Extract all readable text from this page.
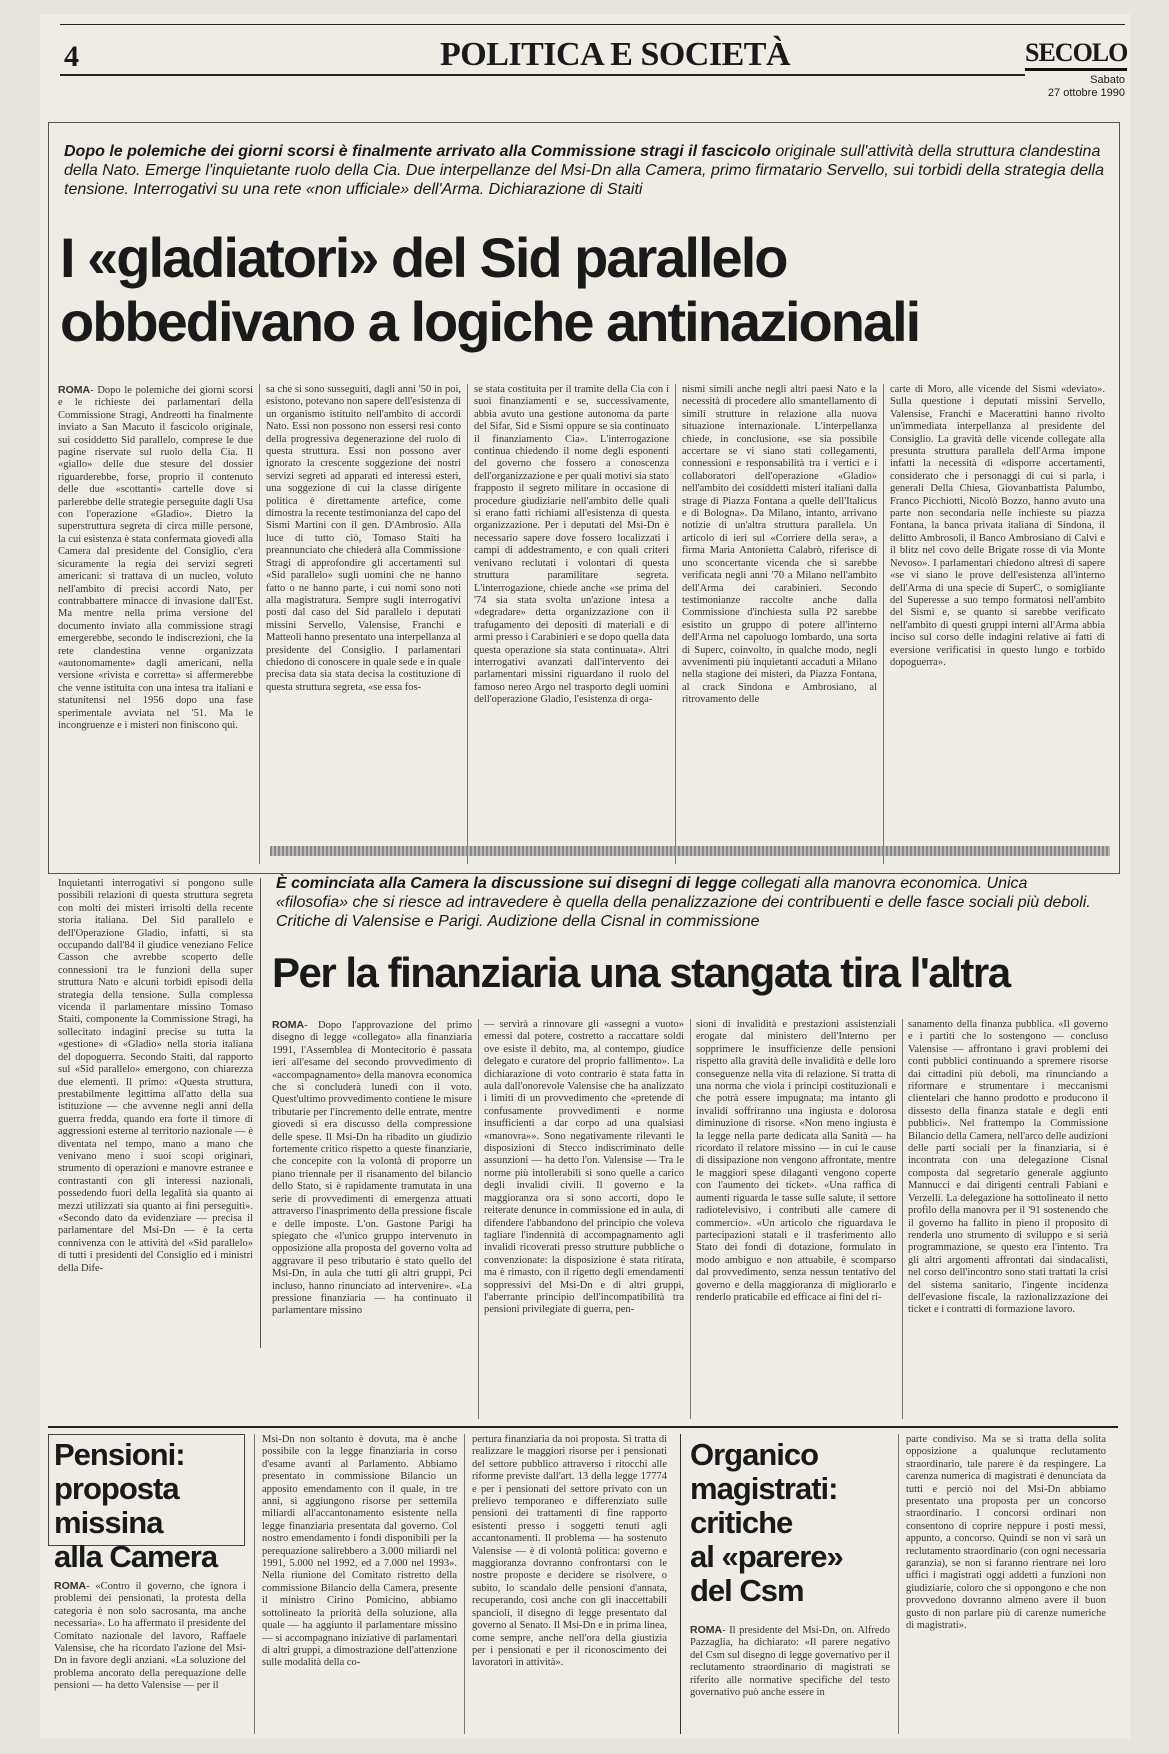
4	POLITICA E SOCIETÀ	SECOLO
Sabato
27 ottobre 1990
Dopo le polemiche dei giorni scorsi è finalmente arrivato alla Commissione stragi il fascicolo originale sull'attività della struttura clandestina della Nato. Emerge l'inquietante ruolo della Cia. Due interpellanze del Msi-Dn alla Camera, primo firmatario Servello, sui torbidi della strategia della tensione. Interrogativi su una rete «non ufficiale» dell'Arma. Dichiarazione di Staiti
I «gladiatori» del Sid parallelo
obbedivano a logiche antinazionali
ROMA- Dopo le polemiche dei giorni scorsi e le richieste dei parlamentari della Commissione Stragi, Andreotti ha finalmente inviato a San Macuto il fascicolo originale, sui cosiddetto Sid parallelo, comprese le due pagine riservate sul ruolo della Cia. Il «giallo» delle due stesure del dossier riguarderebbe, forse, proprio il contenuto delle due «scottanti» cartelle dove si parlerebbe delle strategie perseguite dagli Usa con l'operazione «Gladio». Dietro la superstruttura segreta di circa mille persone, la cui esistenza è stata confermata giovedì alla Camera dal presidente del Consiglio, c'era sicuramente la regia dei servizi segreti americani: si trattava di un nucleo, voluto nell'ambito di precisi accordi Nato, per contrabbattere minacce di invasione dall'Est. Ma mentre nella prima versione del documento inviato alla commissione stragi emergerebbe, secondo le indiscrezioni, che la rete clandestina venne organizzata «autonomamente» dagli americani, nella versione «rivista e corretta» si affermerebbe che venne istituita con una intesa tra italiani e statunitensi nel 1956 dopo una fase sperimentale avviata nel '51. Ma le incongruenze e i misteri non finiscono qui.
sa che si sono susseguiti, dagli anni '50 in poi, esistono, potevano non sapere dell'esistenza di un organismo istituito nell'ambito di accordi Nato. Essi non possono non essersi resi conto della progressiva degenerazione del ruolo di questa struttura. Essi non possono aver ignorato la crescente soggezione dei nostri servizi segreti ad apparati ed interessi esteri, una soggezione di cui la classe dirigente politica è direttamente artefice, come dimostra la recente testimonianza del capo del Sismi Martini con il gen. D'Ambrosio. Alla luce di tutto ciò, Tomaso Staiti ha preannunciato che chiederà alla Commissione Stragi di approfondire gli accertamenti sul «Sid parallelo» sugli uomini che ne hanno fatto o ne hanno parte, i cui nomi sono noti alla magistratura. Sempre sugli interrogativi posti dal caso del Sid parallelo i deputati missini Servello, Valensise, Franchi e Matteoli hanno presentato una interpellanza al presidente del Consiglio. I parlamentari chiedono di conoscere in quale sede e in quale precisa data sia stata decisa la costituzione di questa struttura segreta, «se essa fos-
se stata costituita per il tramite della Cia con i suoi finanziamenti e se, successivamente, abbia avuto una gestione autonoma da parte del Sifar, Sid e Sismi oppure se sia continuato il finanziamento Cia». L'interrogazione continua chiedendo il nome degli esponenti del governo che fossero a conoscenza dell'organizzazione e per quali motivi sia stato frapposto il segreto militare in occasione di procedure giudiziarie nell'ambito delle quali si erano fatti richiami all'esistenza di questa organizzazione. Per i deputati del Msi-Dn è necessario sapere dove fossero localizzati i campi di addestramento, e con quali criteri venivano reclutati i volontari di questa struttura paramilitare segreta. L'interrogazione, chiede anche «se prima del '74 sia stata svolta un'azione intesa a «degradare» detta organizzazione con il trafugamento dei depositi di materiali e di armi presso i Carabinieri e se dopo quella data questa operazione sia stata continuata». Altri interrogativi avanzati dall'intervento dei parlamentari missini riguardano il ruolo del famoso nereo Argo nel trasporto degli uomini dell'operazione Gladio, l'esistenza di orga-
nismi simili anche negli altri paesi Nato e la necessità di procedere allo smantellamento di simili strutture in relazione alla nuova situazione internazionale. L'interpellanza chiede, in conclusione, «se sia possibile accertare se vi siano stati collegamenti, connessioni e responsabilità tra i vertici e i collaboratori dell'operazione «Gladio» nell'ambito dei cosiddetti misteri italiani dalla strage di Piazza Fontana a quelle dell'Italicus e di Bologna». Da Milano, intanto, arrivano notizie di un'altra struttura parallela. Un articolo di ieri sul «Corriere della sera», a firma Maria Antonietta Calabrò, riferisce di uno sconcertante vicenda che si sarebbe verificata negli anni '70 a Milano nell'ambito dell'Arma dei carabinieri. Secondo testimonianze raccolte anche dalla Commissione d'inchiesta sulla P2 sarebbe esistito un gruppo di potere all'interno dell'Arma nel capoluogo lombardo, una sorta di Superc, coinvolto, in qualche modo, negli avvenimenti più inquietanti accaduti a Milano nella stagione dei misteri, da Piazza Fontana, al crack Sindona e Ambrosiano, al ritrovamento delle
carte di Moro, alle vicende del Sismi «deviato». Sulla questione i deputati missini Servello, Valensise, Franchi e Macerattini hanno rivolto un'immediata interpellanza al presidente del Consiglio. La gravità delle vicende collegate alla presunta struttura parallela dell'Arma impone infatti la necessità di «disporre accertamenti, considerato che i personaggi di cui si parla, i generali Della Chiesa, Giovanbattista Palumbo, Franco Picchiotti, Nicolò Bozzo, hanno avuto una parte non secondaria nelle inchieste su piazza Fontana, la banca privata italiana di Sindona, il delitto Ambrosoli, il Banco Ambrosiano di Calvi e il blitz nel covo delle Brigate rosse di via Monte Nevoso». I parlamentari chiedono altresì di sapere «se vi siano le prove dell'esistenza all'interno dell'Arma di una specie di SuperC, o somigliante del Superesse a suo tempo formatosi nell'ambito del Sismi e, se quanto si sarebbe verificato nell'ambito di questi gruppi interni all'Arma abbia inciso sul corso delle indagini relative ai fatti di eversione verificatisi in questo lungo e torbido dopoguerra».
Inquietanti interrogativi si pongono sulle possibili relazioni di questa struttura segreta con molti dei misteri irrisolti della recente storia italiana. Del Sid parallelo e dell'Operazione Gladio, infatti, si sta occupando dall'84 il giudice veneziano Felice Casson che avrebbe scoperto delle connessioni tra le funzioni della super struttura Nato e alcuni torbidi episodi della strategia della tensione. Sulla complessa vicenda il parlamentare missino Tomaso Staiti, componente la Commissione Stragi, ha sollecitato indagini precise su tutta la «gestione» di «Gladio» nella storia italiana del dopoguerra. Secondo Staiti, dal rapporto sul «Sid parallelo» emergono, con chiarezza due elementi. Il primo: «Questa struttura, prestabilmente legittima all'atto della sua istituzione — che avvenne negli anni della guerra fredda, quando era forte il timore di aggressioni esterne al territorio nazionale — è diventata nel tempo, mano a mano che venivano meno i suoi scopi originari, strumento di operazioni e manovre estranee e contrastanti con gli interessi nazionali, possedendo fuori della legalità sia quanto ai mezzi utilizzati sia quanto ai fini perseguiti». «Secondo dato da evidenziare — precisa il parlamentare del Msi-Dn — è la certa connivenza con le attività del «Sid parallelo» di tutti i presidenti del Consiglio ed i ministri della Dife-
È cominciata alla Camera la discussione sui disegni di legge collegati alla manovra economica. Unica «filosofia» che si riesce ad intravedere è quella della penalizzazione dei contribuenti e delle fasce sociali più deboli. Critiche di Valensise e Parigi. Audizione della Cisnal in commissione
Per la finanziaria una stangata tira l'altra
ROMA- Dopo l'approvazione del primo disegno di legge «collegato» alla finanziaria 1991, l'Assemblea di Montecitorio è passata ieri all'esame del secondo provvedimento di «accompagnamento» della manovra economica che si concluderà lunedì con il voto. Quest'ultimo provvedimento contiene le misure tributarie per l'incremento delle entrate, mentre giovedì si era discusso della compressione delle spese. Il Msi-Dn ha ribadito un giudizio fortemente critico rispetto a queste finanziarie, che concepite con la volontà di proporre un piano triennale per il risanamento del bilancio dello Stato, si è rapidamente tramutata in una serie di provvedimenti di emergenza attuati attraverso l'inasprimento della pressione fiscale e delle imposte. L'on. Gastone Parigi ha spiegato che «l'unico gruppo intervenuto in opposizione alla proposta del governo volta ad aggravare il peso tributario è stato quello del Msi-Dn, in aula che tutti gli altri gruppi, Pci incluso, hanno rinunciato ad intervenire». «La pressione finanziaria — ha continuato il parlamentare missino
— servirà a rinnovare gli «assegni a vuoto» emessi dal potere, costretto a raccattare soldi ove esiste il debito, ma, al contempo, giudice delegato e curatore del proprio fallimento». La dichiarazione di voto contrario è stata fatta in aula dall'onorevole Valensise che ha analizzato i limiti di un provvedimento che «pretende di confusamente provvedimenti e norme insufficienti a dar corpo ad una qualsiasi «manovra»». Sono negativamente rilevanti le disposizioni di Stecco indiscriminato delle assunzioni — ha detto l'on. Valensise — Tra le norme più intollerabili si sono quelle a carico degli invalidi civili. Il governo e la maggioranza ora si sono accorti, dopo le reiterate denunce in commissione ed in aula, di difendere l'abbandono del principio che voleva tagliare l'indennità di accompagnamento agli invalidi ricoverati presso strutture pubbliche o convenzionate: la disposizione è stata ritirata, ma è rimasto, con il rigetto degli emendamenti soppressivi del Msi-Dn e di altri gruppi, l'aberrante principio dell'incompatibilità tra pensioni privilegiate di guerra, pen-
sioni di invalidità e prestazioni assistenziali erogate dal ministero dell'Interno per sopprimere le insufficienze delle pensioni rispetto alla gravità delle invalidità e delle loro conseguenze nella vita di relazione. Si tratta di una norma che viola i principi costituzionali e che potrà essere impugnata; ma intanto gli invalidi soffriranno una ingiusta e dolorosa diminuzione di risorse. «Non meno ingiusta è la legge nella parte dedicata alla Sanità — ha ricordato il relatore missino — in cui le cause di dissipazione non vengono affrontate, mentre le maggiori spese dilaganti vengono coperte con l'aumento dei ticket». «Una raffica di aumenti riguarda le tasse sulle salute, il settore radiotelevisivo, i contributi alle camere di commercio». «Un articolo che riguardava le partecipazioni statali e il trasferimento allo Stato dei fondi di dotazione, formulato in modo ambiguo e non attuabile, è scomparso dal provvedimento, senza nessun tentativo del governo e della maggioranza di migliorarlo e renderlo praticabile ed efficace ai fini del ri-
sanamento della finanza pubblica. «Il governo e i partiti che lo sostengono — concluso Valensise — affrontano i gravi problemi dei conti pubblici continuando a spremere risorse dai cittadini più deboli, ma rinunciando a riformare e strumentare i meccanismi clientelari che hanno prodotto e producono il dissesto della finanza statale e degli enti pubblici». Nel frattempo la Commissione Bilancio della Camera, nell'arco delle audizioni delle parti sociali per la finanziaria, si è incontrata con una delegazione Cisnal composta dal segretario generale aggiunto Mannucci e dai dirigenti centrali Fabiani e Verzelli. La delegazione ha sottolineato il netto profilo della manovra per il '91 sostenendo che il governo ha fallito in pieno il proposito di renderla uno strumento di sviluppo e si serià programmazione, se questo era l'intento. Tra gli altri argomenti affrontati dai sindacalisti, nel corso dell'incontro sono stati trattati la crisi del sistema sanitario, l'ingente incidenza dell'evasione fiscale, la razionalizzazione dei ticket e i contratti di formazione lavoro.
Pensioni:
proposta
missina
alla Camera
ROMA- «Contro il governo, che ignora i problemi dei pensionati, la protesta della categoria è non solo sacrosanta, ma anche necessaria». Lo ha affermato il presidente del Comitato nazionale del lavoro, Raffaele Valensise, che ha ricordato l'azione del Msi-Dn in favore degli anziani. «La soluzione del problema ancorato della perequazione delle pensioni — ha detto Valensise — per il
Msi-Dn non soltanto è dovuta, ma è anche possibile con la legge finanziaria in corso d'esame avanti al Parlamento. Abbiamo presentato in commissione Bilancio un apposito emendamento con il quale, in tre anni, si aggiungono risorse per settemila miliardi all'accantonamento esistente nella legge finanziaria presentata dal governo. Col nostro emendamento i fondi disponibili per la perequazione salirebbero a 3.000 miliardi nel 1991, 5.000 nel 1992, ed a 7.000 nel 1993». Nella riunione del Comitato ristretto della commissione Bilancio della Camera, presente il ministro Cirino Pomicino, abbiamo sottolineato la priorità della soluzione, alla quale — ha aggiunto il parlamentare missino — si accompagnano iniziative di parlamentari di altri gruppi, a dimostrazione dell'attenzione sulle modalità della co-
pertura finanziaria da noi proposta. Si tratta di realizzare le maggiori risorse per i pensionati del settore pubblico attraverso i ritocchi alle riforme previste dall'art. 13 della legge 17774 e per i pensionati del settore privato con un prelievo temporaneo e differenziato sulle pensioni dei trattamenti di fine rapporto esistenti presso i soggetti tenuti agli accantonamenti. Il problema — ha sostenuto Valensise — è di volontà politica: governo e maggioranza dovranno confrontarsi con le nostre proposte e decidere se risolvere, o subito, lo scandalo delle pensioni d'annata, recuperando, così anche con gli inaccettabili spancioli, il disegno di legge presentato dal governo al Senato. Il Msi-Dn e in prima linea, come sempre, anche nell'ora della giustizia per i pensionati e per il riconoscimento dei lavoratori in attività».
Organico
magistrati:
critiche
al «parere»
del Csm
ROMA- Il presidente del Msi-Dn, on. Alfredo Pazzaglia, ha dichiarato: «Il parere negativo del Csm sul disegno di legge governativo per il reclutamento straordinario di magistrati se riferito alle normative specifiche del testo governativo può anche essere in
parte condiviso. Ma se si tratta della solita opposizione a qualunque reclutamento straordinario, tale parere è da respingere. La carenza numerica di magistrati è denunciata da tutti e perciò noi del Msi-Dn abbiamo presentato una proposta per un concorso straordinario. I concorsi ordinari non consentono di coprire neppure i posti messi, appunto, a concorso. Quindi se non vi sarà un reclutamento straordinario (con ogni necessaria garanzia), se non si faranno rientrare nei loro uffici i magistrati oggi addetti a funzioni non giudiziarie, coloro che si oppongono e che non provvedono dovranno almeno avere il buon gusto di non parlare più di carenze numeriche di magistrati».
